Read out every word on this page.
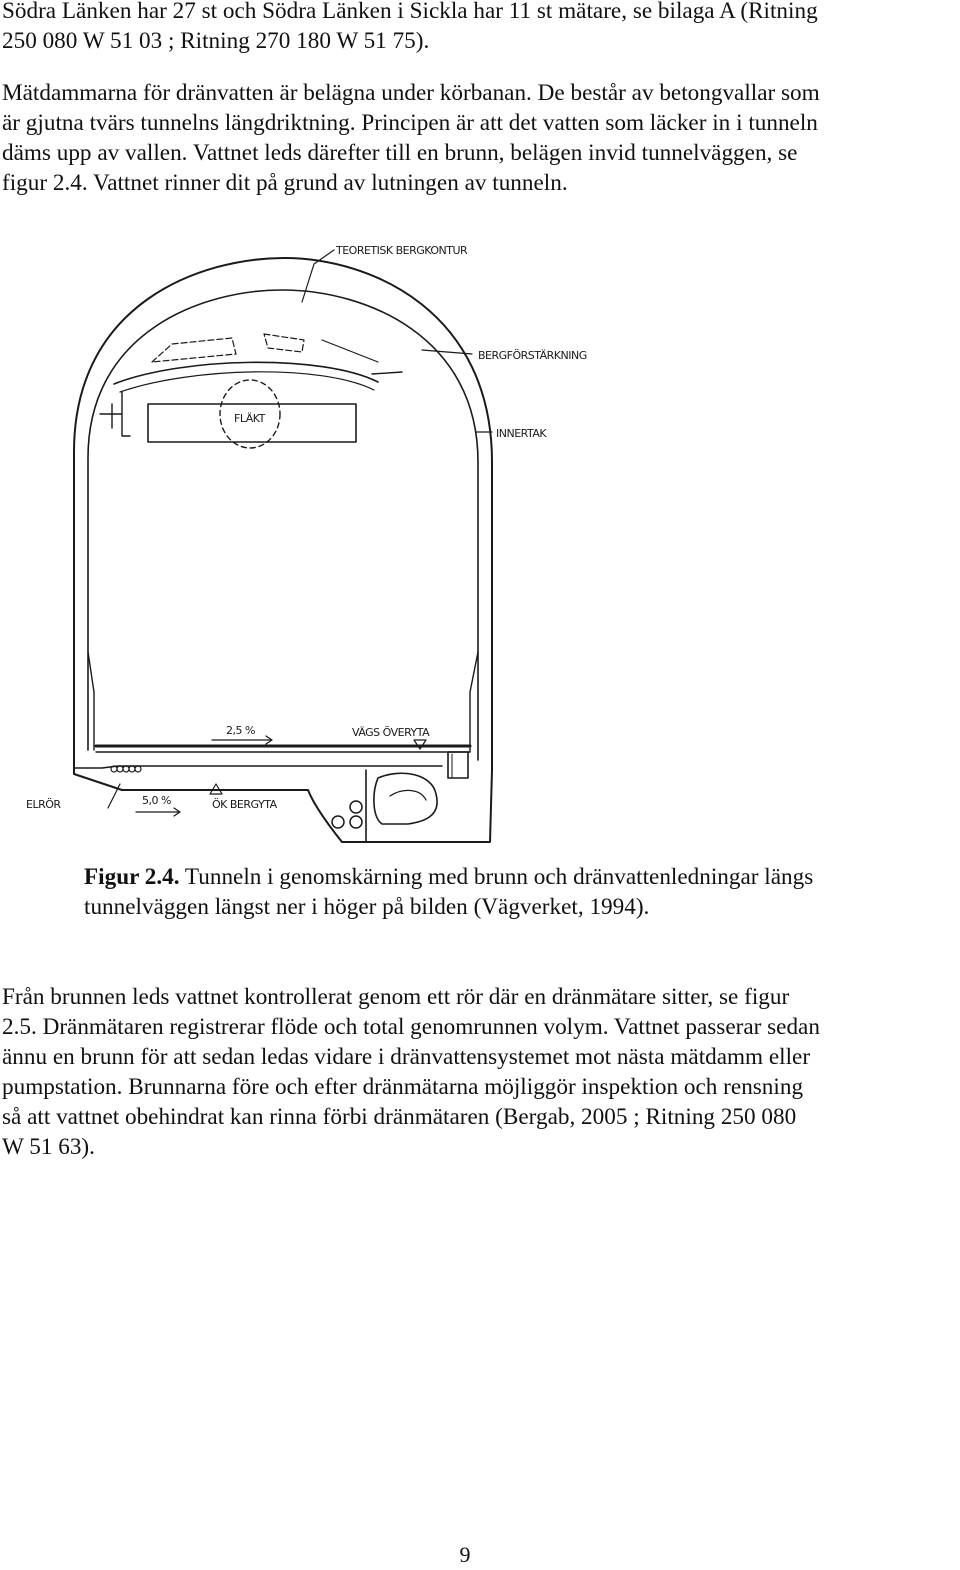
Södra Länken har 27 st och Södra Länken i Sickla har 11 st mätare, se bilaga A (Ritning
250 080 W 51 03 ; Ritning 270 180 W 51 75).

Mätdammarna för dränvatten är belägna under körbanan. De består av betongvallar som
är gjutna tvärs tunnelns längdriktning. Principen är att det vatten som läcker in i tunneln
däms upp av vallen. Vattnet leds därefter till en brunn, belägen invid tunnelväggen, se
figur 2.4. Vattnet rinner dit på grund av lutningen av tunneln.

TEORETISK BERGKONTUR
BERGFÖRSTÄRKNING
INNERTAK
FLÄKT
2,5 %	VÄGS ÖVERYTA
ELRÖR	5,0 %	ÖK BERGYTA
Figur 2.4. Tunneln i genomskärning med brunn och dränvattenledningar längs
tunnelväggen längst ner i höger på bilden (Vägverket, 1994).

Från brunnen leds vattnet kontrollerat genom ett rör där en dränmätare sitter, se figur
2.5. Dränmätaren registrerar flöde och total genomrunnen volym. Vattnet passerar sedan
ännu en brunn för att sedan ledas vidare i dränvattensystemet mot nästa mätdamm eller
pumpstation. Brunnarna före och efter dränmätarna möjliggör inspektion och rensning
så att vattnet obehindrat kan rinna förbi dränmätaren (Bergab, 2005 ; Ritning 250 080
W 51 63).

9
